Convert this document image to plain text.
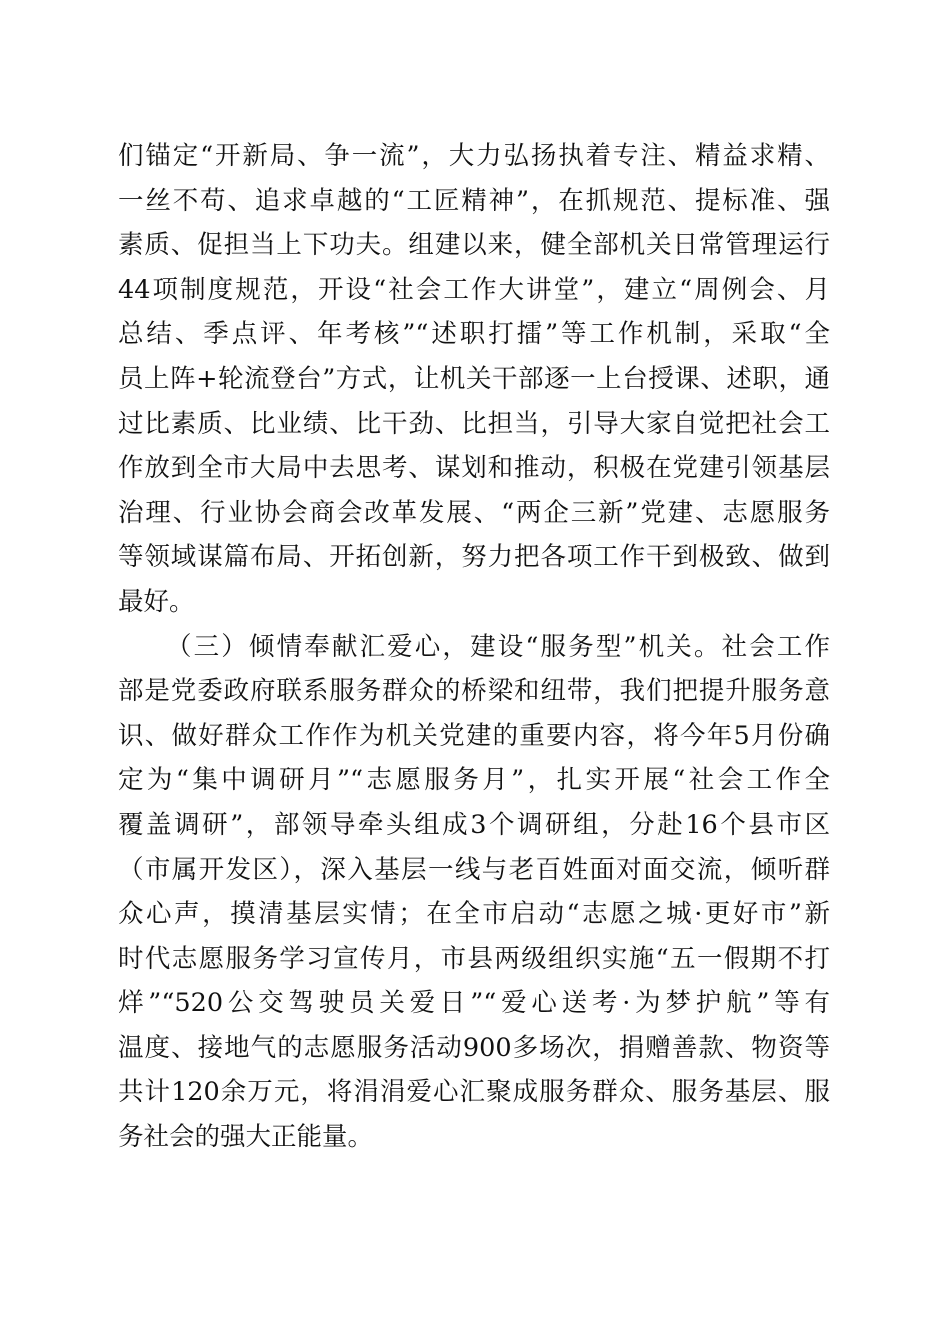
们锚定“开新局、争一流”，大力弘扬执着专注、精益求精、
一丝不苟、追求卓越的“工匠精神”，在抓规范、提标准、强
素质、促担当上下功夫。组建以来，健全部机关日常管理运行
44项制度规范，开设“社会工作大讲堂”，建立“周例会、月
总结、季点评、年考核”“述职打擂”等工作机制，采取“全
员上阵+轮流登台”方式，让机关干部逐一上台授课、述职，通
过比素质、比业绩、比干劲、比担当，引导大家自觉把社会工
作放到全市大局中去思考、谋划和推动，积极在党建引领基层
治理、行业协会商会改革发展、“两企三新”党建、志愿服务
等领域谋篇布局、开拓创新，努力把各项工作干到极致、做到
最好。
（三）倾情奉献汇爱心，建设“服务型”机关。社会工作
部是党委政府联系服务群众的桥梁和纽带，我们把提升服务意
识、做好群众工作作为机关党建的重要内容，将今年5月份确
定为“集中调研月”“志愿服务月”，扎实开展“社会工作全
覆盖调研”，部领导牵头组成3个调研组，分赴16个县市区
（市属开发区），深入基层一线与老百姓面对面交流，倾听群
众心声，摸清基层实情；在全市启动“志愿之城·更好市”新
时代志愿服务学习宣传月，市县两级组织实施“五一假期不打
烊”“520公交驾驶员关爱日”“爱心送考·为梦护航”等有
温度、接地气的志愿服务活动900多场次，捐赠善款、物资等
共计120余万元，将涓涓爱心汇聚成服务群众、服务基层、服
务社会的强大正能量。
